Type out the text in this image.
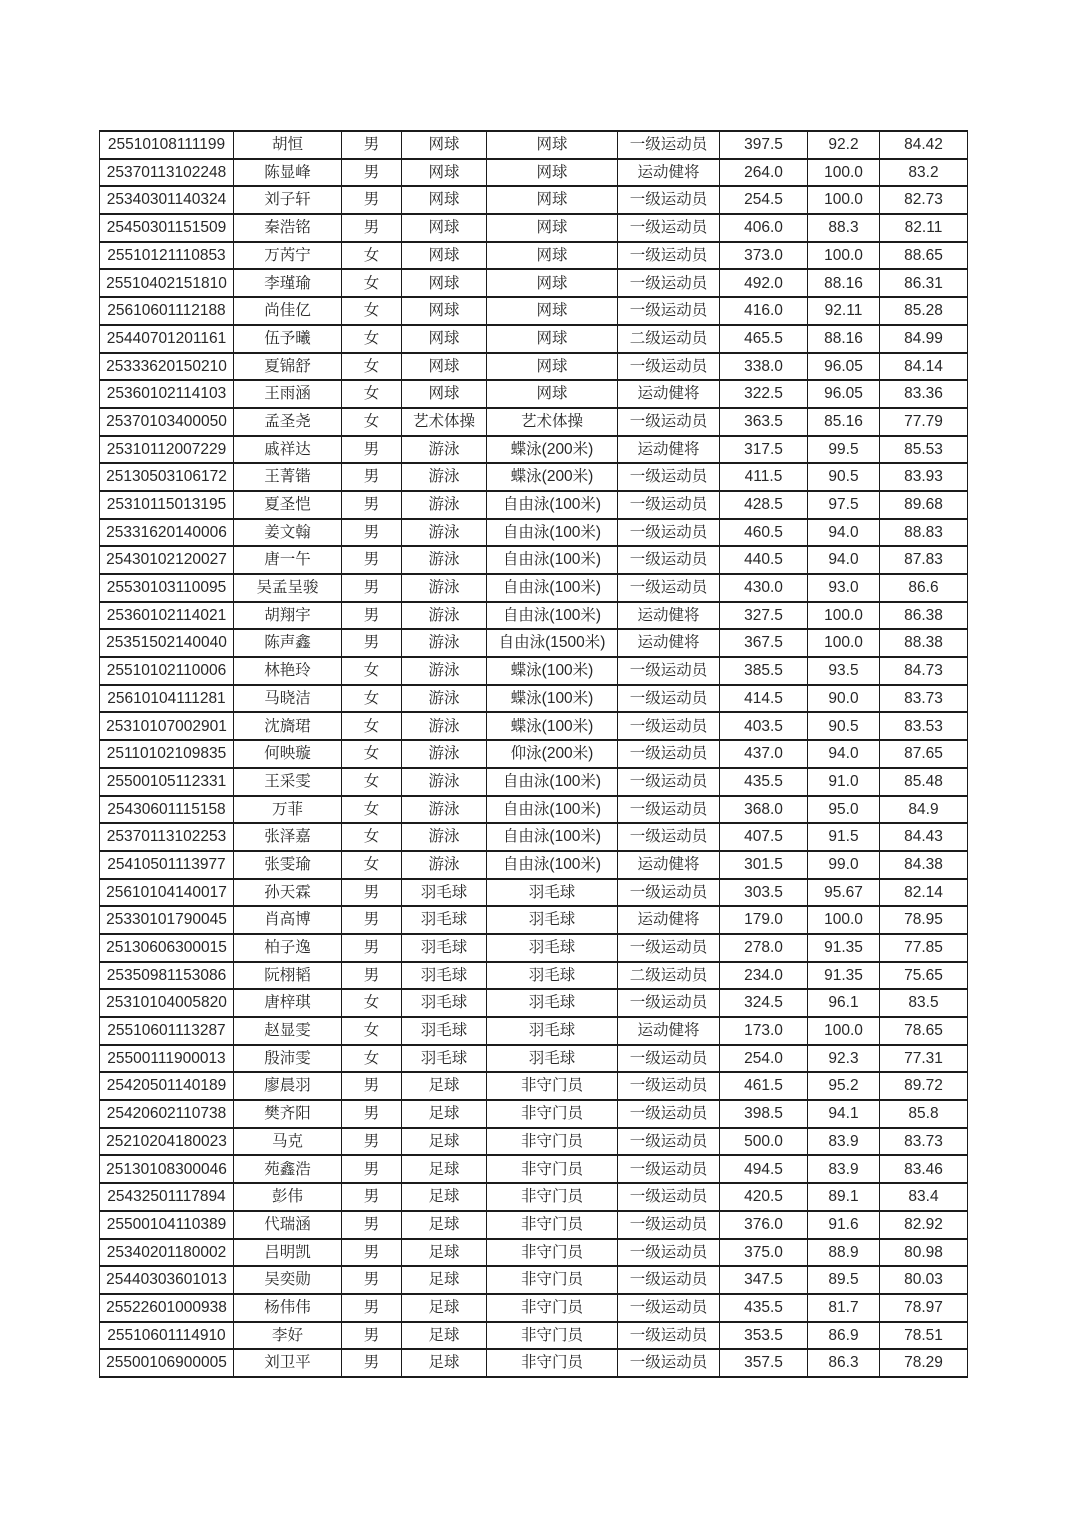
25510108111199	胡恒	男	网球	网球	一级运动员	397.5	92.2	84.42
25370113102248	陈显峰	男	网球	网球	运动健将	264.0	100.0	83.2
25340301140324	刘子轩	男	网球	网球	一级运动员	254.5	100.0	82.73
25450301151509	秦浩铭	男	网球	网球	一级运动员	406.0	88.3	82.11
25510121110853	万芮宁	女	网球	网球	一级运动员	373.0	100.0	88.65
25510402151810	李瑾瑜	女	网球	网球	一级运动员	492.0	88.16	86.31
25610601112188	尚佳亿	女	网球	网球	一级运动员	416.0	92.11	85.28
25440701201161	伍予曦	女	网球	网球	二级运动员	465.5	88.16	84.99
25333620150210	夏锦舒	女	网球	网球	一级运动员	338.0	96.05	84.14
25360102114103	王雨涵	女	网球	网球	运动健将	322.5	96.05	83.36
25370103400050	孟圣尧	女	艺术体操	艺术体操	一级运动员	363.5	85.16	77.79
25310112007229	戚祥达	男	游泳	蝶泳(200米)	运动健将	317.5	99.5	85.53
25130503106172	王菁锴	男	游泳	蝶泳(200米)	一级运动员	411.5	90.5	83.93
25310115013195	夏圣恺	男	游泳	自由泳(100米)	一级运动员	428.5	97.5	89.68
25331620140006	姜文翰	男	游泳	自由泳(100米)	一级运动员	460.5	94.0	88.83
25430102120027	唐一午	男	游泳	自由泳(100米)	一级运动员	440.5	94.0	87.83
25530103110095	吴孟呈骏	男	游泳	自由泳(100米)	一级运动员	430.0	93.0	86.6
25360102114021	胡翔宇	男	游泳	自由泳(100米)	运动健将	327.5	100.0	86.38
25351502140040	陈声鑫	男	游泳	自由泳(1500米)	运动健将	367.5	100.0	88.38
25510102110006	林艳玲	女	游泳	蝶泳(100米)	一级运动员	385.5	93.5	84.73
25610104111281	马晓洁	女	游泳	蝶泳(100米)	一级运动员	414.5	90.0	83.73
25310107002901	沈旖珺	女	游泳	蝶泳(100米)	一级运动员	403.5	90.5	83.53
25110102109835	何映璇	女	游泳	仰泳(200米)	一级运动员	437.0	94.0	87.65
25500105112331	王采雯	女	游泳	自由泳(100米)	一级运动员	435.5	91.0	85.48
25430601115158	万菲	女	游泳	自由泳(100米)	一级运动员	368.0	95.0	84.9
25370113102253	张泽嘉	女	游泳	自由泳(100米)	一级运动员	407.5	91.5	84.43
25410501113977	张雯瑜	女	游泳	自由泳(100米)	运动健将	301.5	99.0	84.38
25610104140017	孙天霖	男	羽毛球	羽毛球	一级运动员	303.5	95.67	82.14
25330101790045	肖高博	男	羽毛球	羽毛球	运动健将	179.0	100.0	78.95
25130606300015	柏子逸	男	羽毛球	羽毛球	一级运动员	278.0	91.35	77.85
25350981153086	阮栩韬	男	羽毛球	羽毛球	二级运动员	234.0	91.35	75.65
25310104005820	唐梓琪	女	羽毛球	羽毛球	一级运动员	324.5	96.1	83.5
25510601113287	赵显雯	女	羽毛球	羽毛球	运动健将	173.0	100.0	78.65
25500111900013	殷沛雯	女	羽毛球	羽毛球	一级运动员	254.0	92.3	77.31
25420501140189	廖晨羽	男	足球	非守门员	一级运动员	461.5	95.2	89.72
25420602110738	樊齐阳	男	足球	非守门员	一级运动员	398.5	94.1	85.8
25210204180023	马克	男	足球	非守门员	一级运动员	500.0	83.9	83.73
25130108300046	苑鑫浩	男	足球	非守门员	一级运动员	494.5	83.9	83.46
25432501117894	彭伟	男	足球	非守门员	一级运动员	420.5	89.1	83.4
25500104110389	代瑞涵	男	足球	非守门员	一级运动员	376.0	91.6	82.92
25340201180002	吕明凯	男	足球	非守门员	一级运动员	375.0	88.9	80.98
25440303601013	吴奕勋	男	足球	非守门员	一级运动员	347.5	89.5	80.03
25522601000938	杨伟伟	男	足球	非守门员	一级运动员	435.5	81.7	78.97
25510601114910	李好	男	足球	非守门员	一级运动员	353.5	86.9	78.51
25500106900005	刘卫平	男	足球	非守门员	一级运动员	357.5	86.3	78.29
